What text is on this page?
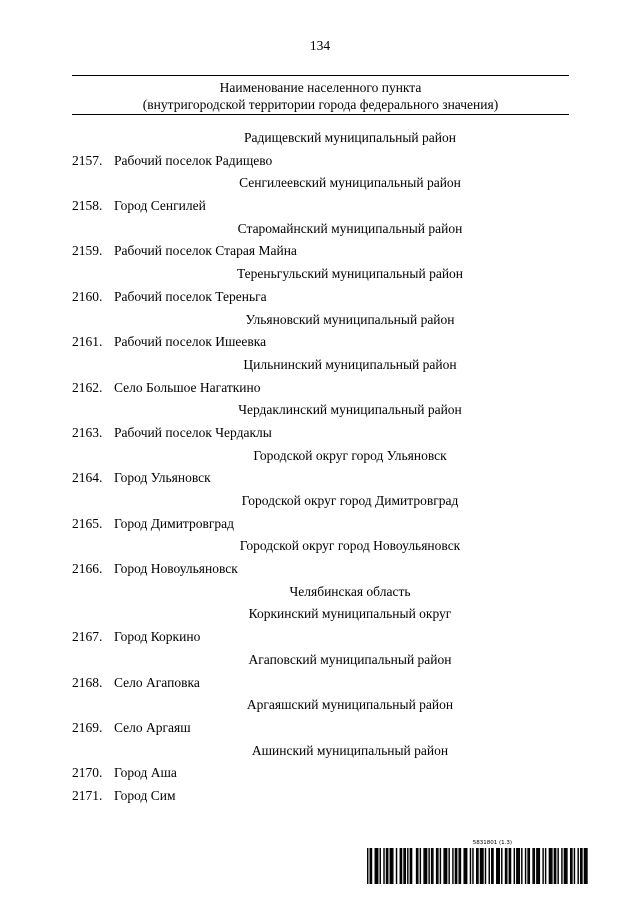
134
Наименование населенного пункта
(внутригородской территории города федерального значения)
Радищевский муниципальный район
2157. Рабочий поселок Радищево
Сенгилеевский муниципальный район
2158. Город Сенгилей
Старомайнский муниципальный район
2159. Рабочий поселок Старая Майна
Тереньгульский муниципальный район
2160. Рабочий поселок Тереньга
Ульяновский муниципальный район
2161. Рабочий поселок Ишеевка
Цильнинский муниципальный район
2162. Село Большое Нагаткино
Чердаклинский муниципальный район
2163. Рабочий поселок Чердаклы
Городской округ город Ульяновск
2164. Город Ульяновск
Городской округ город Димитровград
2165. Город Димитровград
Городской округ город Новоульяновск
2166. Город Новоульяновск
Челябинская область
Коркинский муниципальный округ
2167. Город Коркино
Агаповский муниципальный район
2168. Село Агаповка
Аргаяшский муниципальный район
2169. Село Аргаяш
Ашинский муниципальный район
2170. Город Аша
2171. Город Сим
5831801 (1.3)
